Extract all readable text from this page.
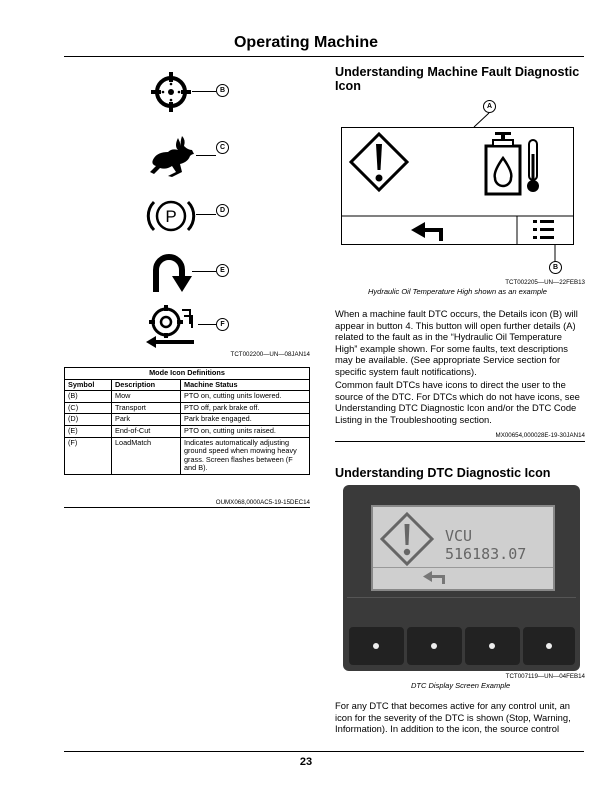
Operating Machine
B
C
P	D
E
F
TCT002200—UN—08JAN14
Mode Icon Definitions		
Symbol	Description	Machine Status
(B)	Mow	PTO on, cutting units lowered.
(C)	Transport	PTO off, park brake off.
(D)	Park	Park brake engaged.
(E)	End-of-Cut	PTO on, cutting units raised.
(F)	LoadMatch	Indicates automatically adjusting ground speed when mowing heavy grass. Screen flashes between (F and B).
OUMX068,0000AC5-19-15DEC14
Understanding Machine Fault Diagnostic Icon
A
B
TCT002205—UN—22FEB13
Hydraulic Oil Temperature High shown as an example
When a machine fault DTC occurs, the Details icon (B) will appear in button 4. This button will open further details (A) related to the fault as in the “Hydraulic Oil Temperature High” example shown. For some faults, text descriptions may be available. (See appropriate Service section for specific system fault notifications).
Common fault DTCs have icons to direct the user to the source of the DTC. For DTCs which do not have icons, see Understanding DTC Diagnostic Icon and/or the DTC Code Listing in the Troubleshooting section.
MX00654,000028E-19-30JAN14
Understanding DTC Diagnostic Icon
VCU 516183.07
TCT007119—UN—04FEB14
DTC Display Screen Example
For any DTC that becomes active for any control unit, an icon for the severity of the DTC is shown (Stop, Warning, Information). In addition to the icon, the source control
23
